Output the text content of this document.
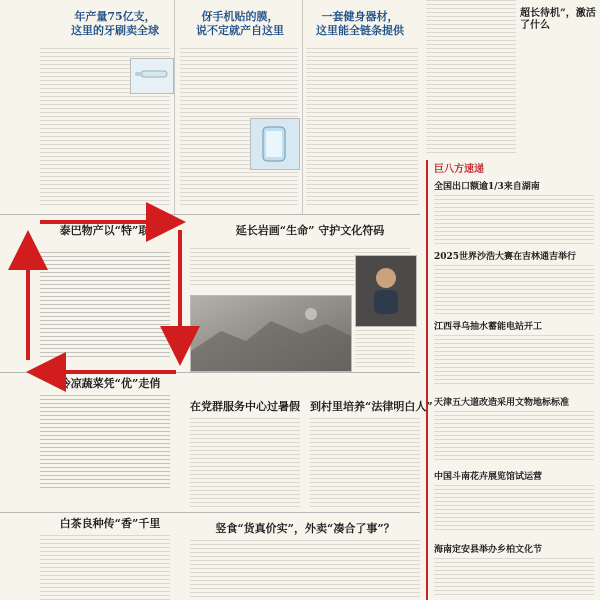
年产量75亿支，
这里的牙刷卖全球
伢手机贴的膜，
说不定就产自这里
一套健身器材，
这里能全链条提供
超长待机”，激活了什么
泰巴物产以“特”取胜
　	延长岩画“生命” 守护文化符码
冷凉蔬菜凭“优”走俏
在党群服务中心过暑假 到村里培养“法律明白人”
白茶良种传“香”千里	竖食“货真价实”，外卖“凑合了事”？
巨八方速递
全国出口额逾1/3来自湖南
2025世界沙浩大赛在吉林通吉举行
江西寻乌抽水蓄能电站开工
天津五大道改造采用文物地标标准
中国斗南花卉展览馆试运营
海南定安县举办乡柏文化节
